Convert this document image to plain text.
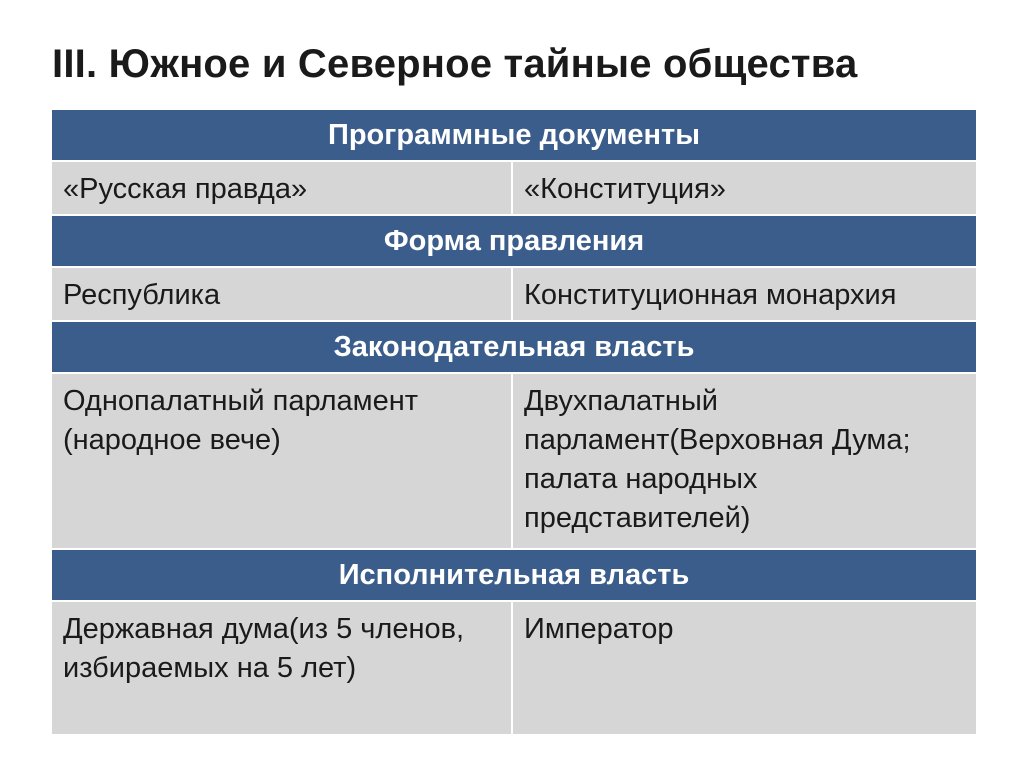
III. Южное и Северное тайные общества
Программные документы	
«Русская правда»	«Конституция»
Форма правления	
Республика	Конституционная монархия
Законодательная власть	
Однопалатный парламент (народное вече)	Двухпалатный парламент(Верховная Дума; палата народных представителей)
Исполнительная власть	
Державная дума(из 5 членов, избираемых на 5 лет)	Император
